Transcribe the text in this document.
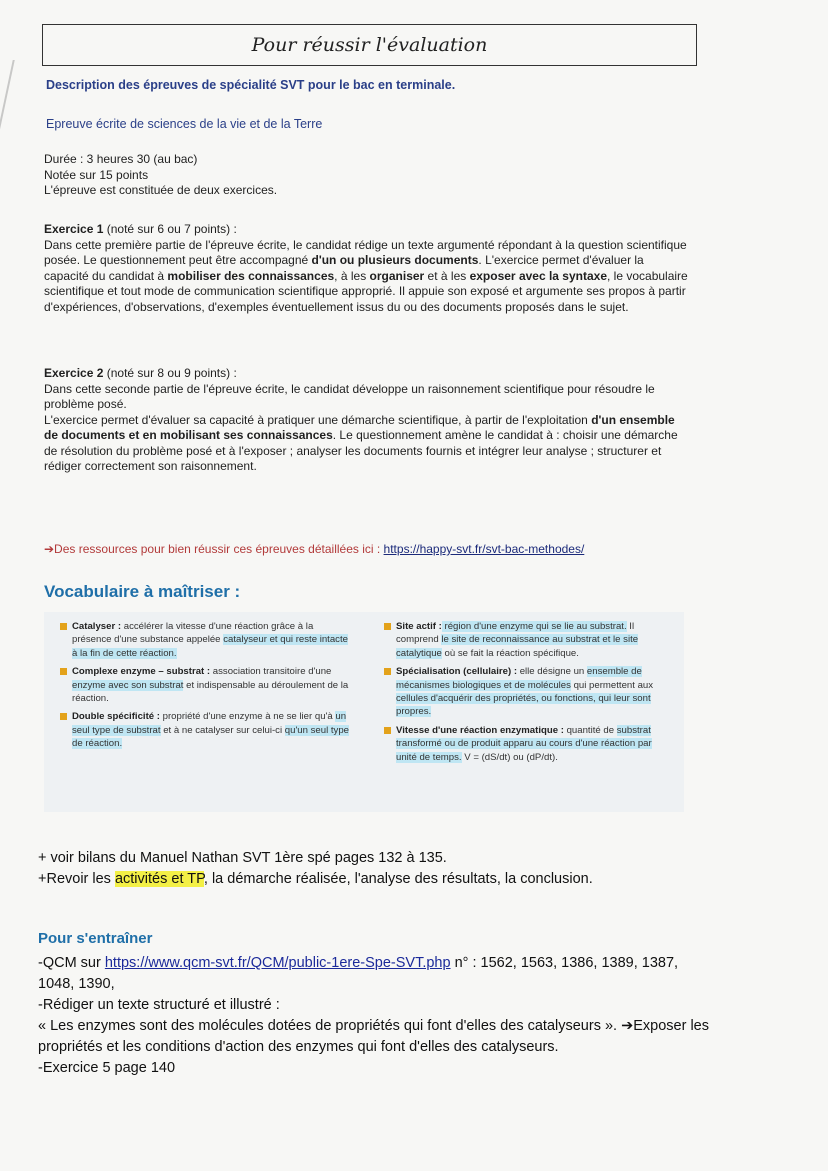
Pour réussir l'évaluation
Description des épreuves de spécialité SVT pour le bac en terminale.
Epreuve écrite de sciences de la vie et de la Terre

Durée : 3 heures 30 (au bac)

Notée sur 15 points

L'épreuve est constituée de deux exercices.

Exercice 1 (noté sur 6 ou 7 points) :

Dans cette première partie de l'épreuve écrite, le candidat rédige un texte argumenté répondant à la question scientifique posée. Le questionnement peut être accompagné d'un ou plusieurs documents. L'exercice permet d'évaluer la capacité du candidat à mobiliser des connaissances, à les organiser et à les exposer avec la syntaxe, le vocabulaire scientifique et tout mode de communication scientifique approprié. Il appuie son exposé et argumente ses propos à partir d'expériences, d'observations, d'exemples éventuellement issus du ou des documents proposés dans le sujet.

Exercice 2 (noté sur 8 ou 9 points) :

Dans cette seconde partie de l'épreuve écrite, le candidat développe un raisonnement scientifique pour résoudre le problème posé.

L'exercice permet d'évaluer sa capacité à pratiquer une démarche scientifique, à partir de l'exploitation d'un ensemble de documents et en mobilisant ses connaissances. Le questionnement amène le candidat à : choisir une démarche de résolution du problème posé et à l'exposer ; analyser les documents fournis et intégrer leur analyse ; structurer et rédiger correctement son raisonnement.

➔Des ressources pour bien réussir ces épreuves détaillées ici : https://happy-svt.fr/svt-bac-methodes/
Vocabulaire à maîtriser :
Catalyser : accélérer la vitesse d'une réaction grâce à la présence d'une substance appelée catalyseur et qui reste intacte à la fin de cette réaction.
Complexe enzyme – substrat : association transitoire d'une enzyme avec son substrat et indispensable au déroulement de la réaction.
Double spécificité : propriété d'une enzyme à ne se lier qu'à un seul type de substrat et à ne catalyser sur celui-ci qu'un seul type de réaction.
Site actif : région d'une enzyme qui se lie au substrat. Il comprend le site de reconnaissance au substrat et le site catalytique où se fait la réaction spécifique.
Spécialisation (cellulaire) : elle désigne un ensemble de mécanismes biologiques et de molécules qui permettent aux cellules d'acquérir des propriétés, ou fonctions, qui leur sont propres.
Vitesse d'une réaction enzymatique : quantité de substrat transformé ou de produit apparu au cours d'une réaction par unité de temps. V = (dS/dt) ou (dP/dt).

+ voir bilans du Manuel Nathan SVT 1ère spé pages 132 à 135.

+Revoir les activités et TP, la démarche réalisée, l'analyse des résultats, la conclusion.

Pour s'entraîner

-QCM sur https://www.qcm-svt.fr/QCM/public-1ere-Spe-SVT.php n° : 1562, 1563, 1386, 1389, 1387, 1048, 1390,

-Rédiger un texte structuré et illustré :

« Les enzymes sont des molécules dotées de propriétés qui font d'elles des catalyseurs ». ➔Exposer les propriétés et les conditions d'action des enzymes qui font d'elles des catalyseurs.

-Exercice 5 page 140
